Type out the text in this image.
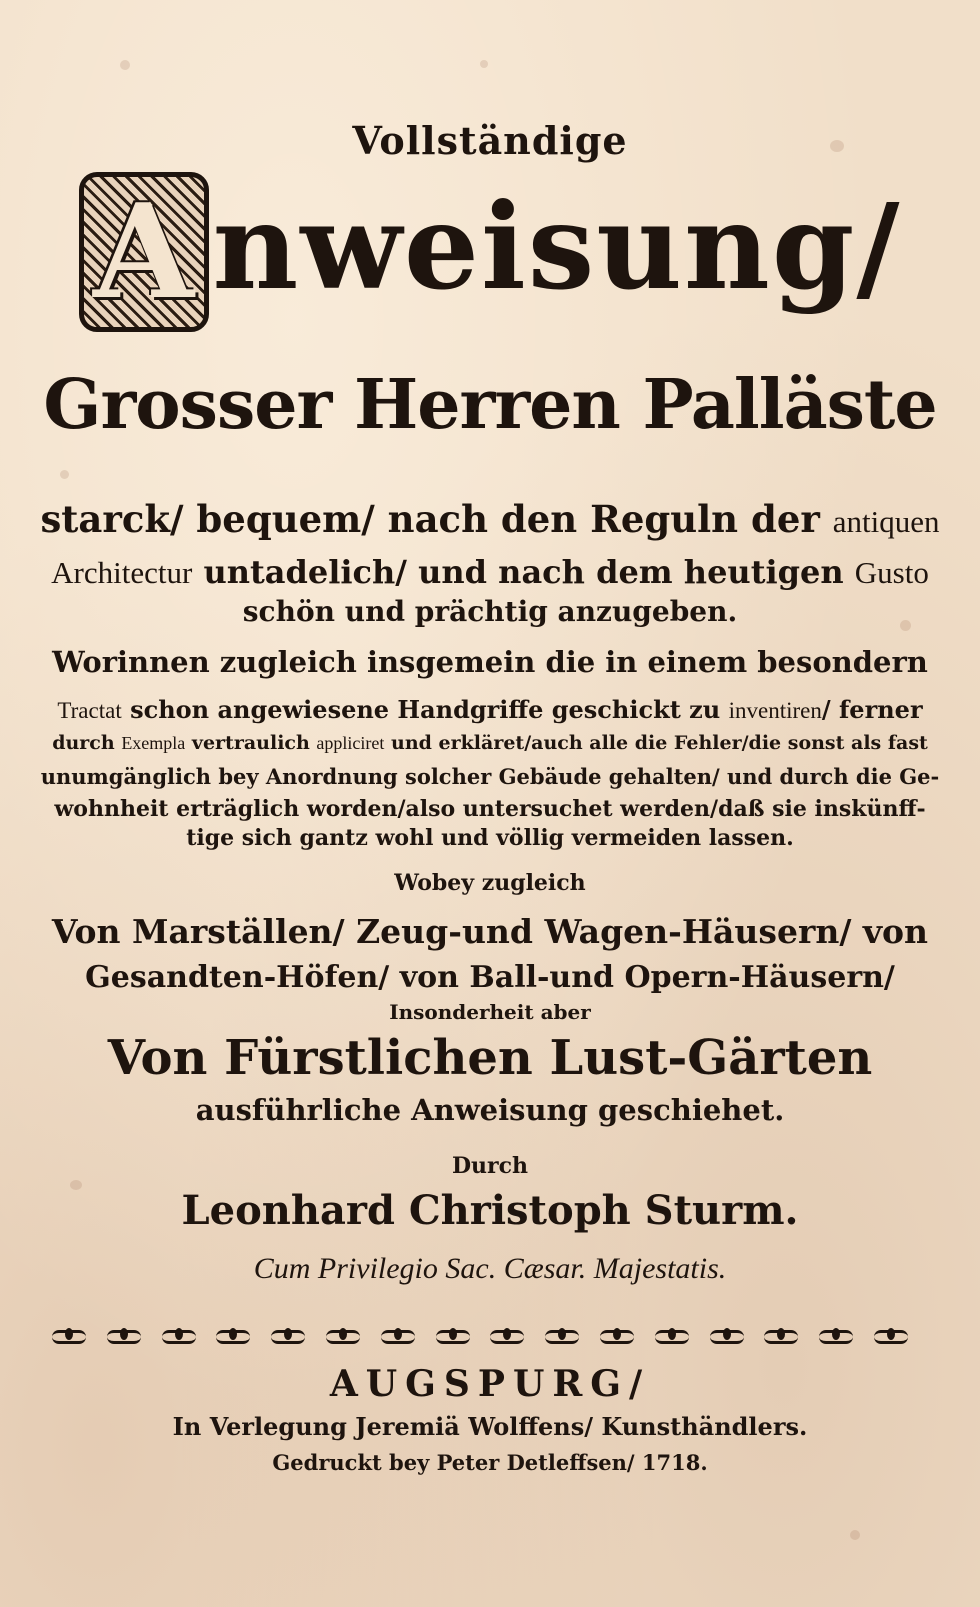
Vollständige
A nweisung/
Grosser Herren Palläste
starck/ bequem/ nach den Reguln der antiquen
Architectur untadelich/ und nach dem heutigen Gusto
schön und prächtig anzugeben.
Worinnen zugleich insgemein die in einem besondern
Tractat schon angewiesene Handgriffe geschickt zu inventiren/ ferner
durch Exempla vertraulich appliciret und erkläret/auch alle die Fehler/die sonst als fast
unumgänglich bey Anordnung solcher Gebäude gehalten/ und durch die Ge-
wohnheit erträglich worden/also untersuchet werden/daß sie inskünff-
tige sich gantz wohl und völlig vermeiden lassen.
Wobey zugleich
Von Marställen/ Zeug-und Wagen-Häusern/ von
Gesandten-Höfen/ von Ball-und Opern-Häusern/
Insonderheit aber
Von Fürstlichen Lust-Gärten
ausführliche Anweisung geschiehet.
Durch
Leonhard Christoph Sturm.
Cum Privilegio Sac. Cæsar. Majestatis.
AUGSPURG/
In Verlegung Jeremiä Wolffens/ Kunsthändlers.
Gedruckt bey Peter Detleffsen/ 1718.
